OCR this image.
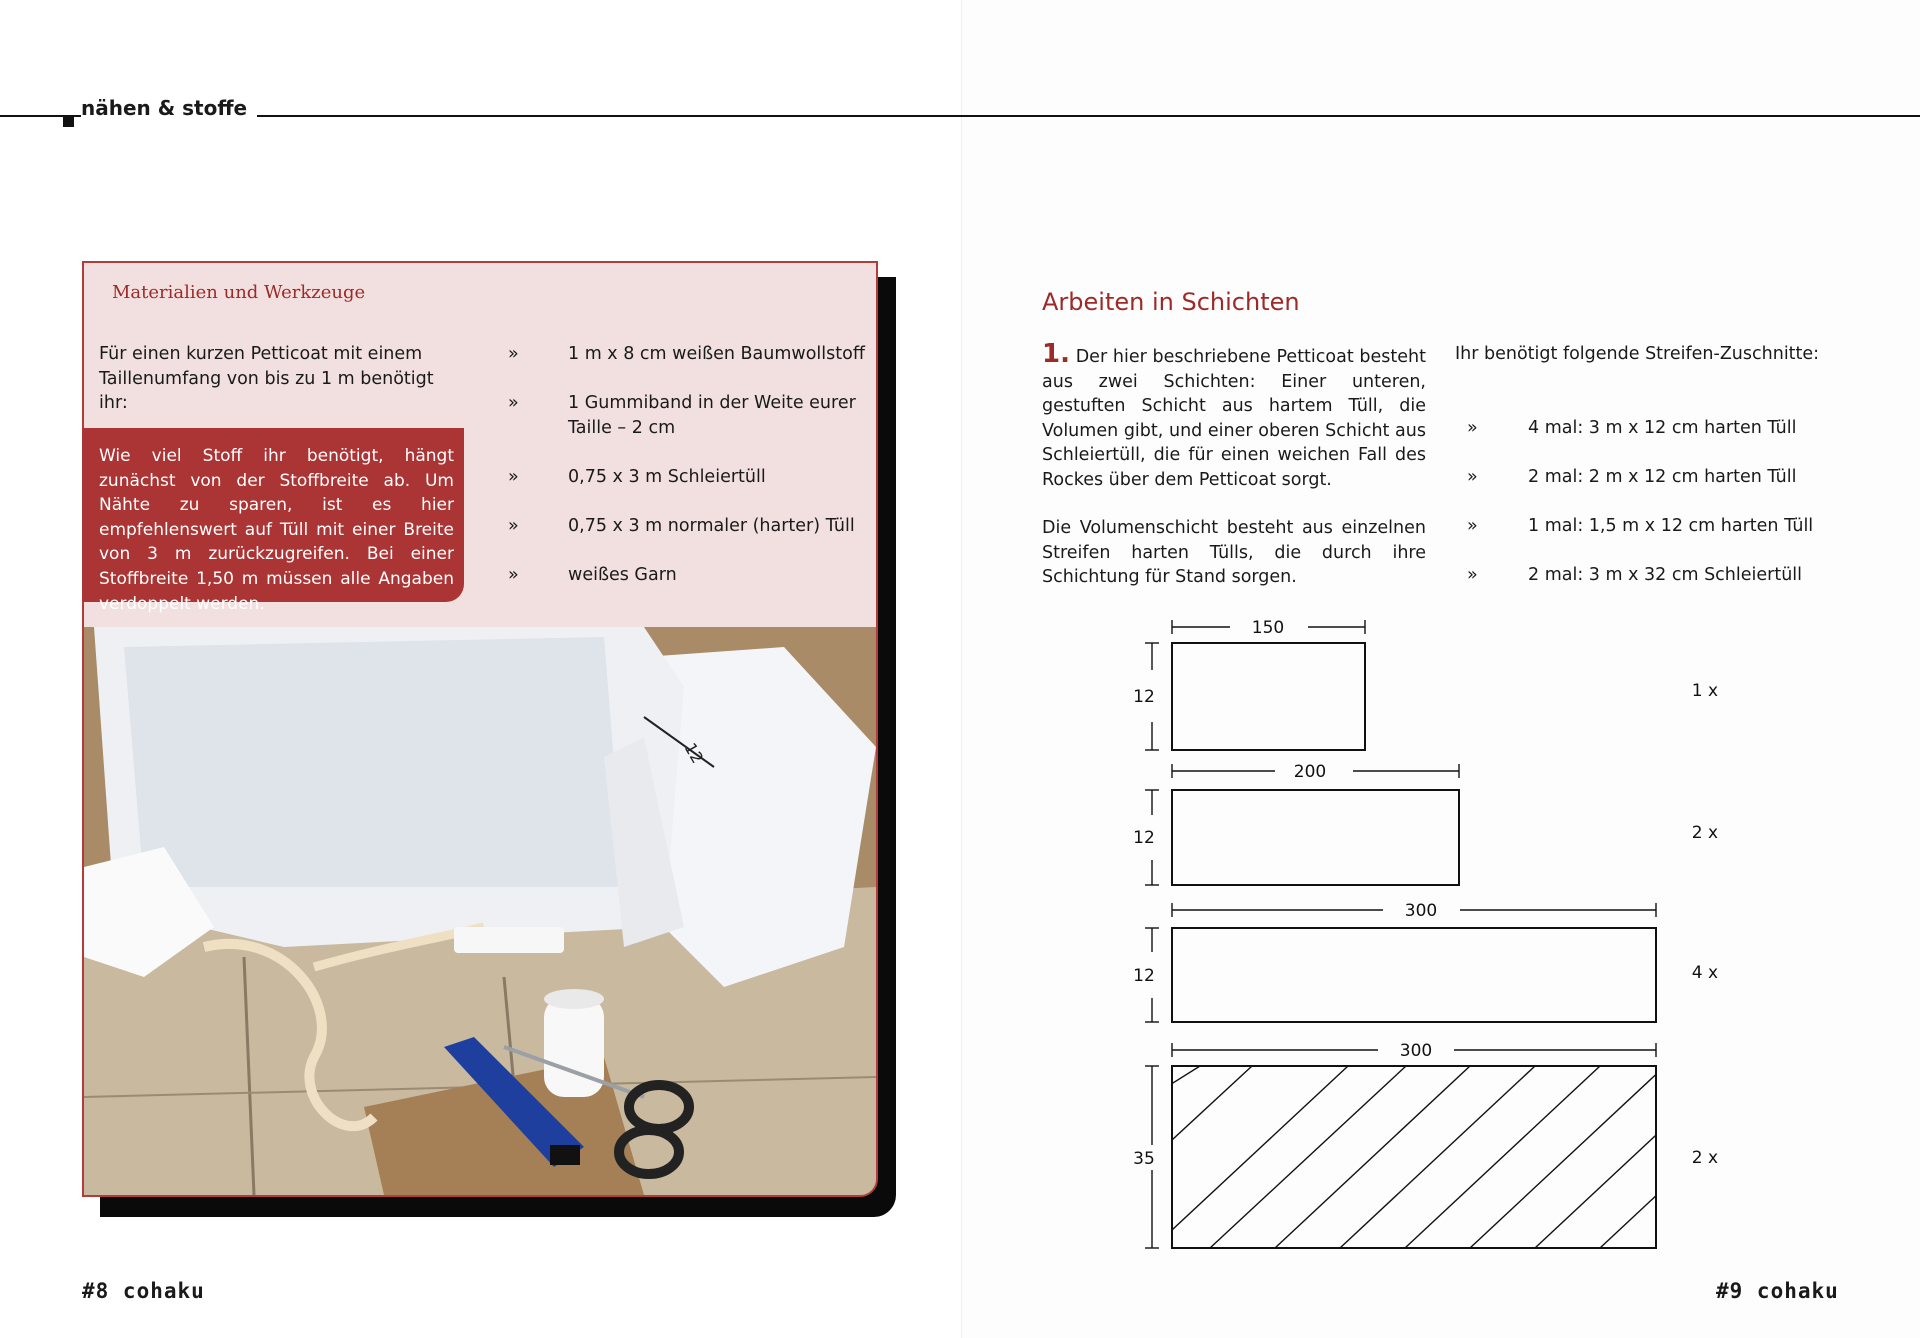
nähen & stoffe
Materialien und Werkzeuge
Für einen kurzen Petticoat mit einem Taillenumfang von bis zu 1 m benötigt ihr:
Wie viel Stoff ihr benötigt, hängt zunächst von der Stoffbreite ab. Um Nähte zu sparen, ist es hier empfehlenswert auf Tüll mit einer Breite von 3 m zurückzugreifen. Bei einer Stoffbreite 1,50 m müssen alle Angaben verdoppelt werden.
»	1 m x 8 cm weißen Baumwollstoff
»	1 Gummiband in der Weite eurer Taille – 2 cm
»	0,75 x 3 m Schleiertüll
»	0,75 x 3 m normaler (harter) Tüll
»	weißes Garn
#8 cohaku
Arbeiten in Schichten
1. Der hier beschriebene Petticoat besteht aus zwei Schichten: Einer unteren, gestuften Schicht aus hartem Tüll, die Volumen gibt, und einer oberen Schicht aus Schleiertüll, die für einen weichen Fall des Rockes über dem Petticoat sorgt.
Die Volumenschicht besteht aus einzelnen Streifen harten Tülls, die durch ihre Schichtung für Stand sorgen.
Ihr benötigt folgende Streifen-Zuschnitte:
»	4 mal: 3 m x 12 cm harten Tüll
»	2 mal: 2 m x 12 cm harten Tüll
»	1 mal: 1,5 m x 12 cm harten Tüll
»	2 mal: 3 m x 32 cm Schleiertüll
150
12	1 x
200
12	2 x
300
12	4 x
300
35	2 x
#9 cohaku
